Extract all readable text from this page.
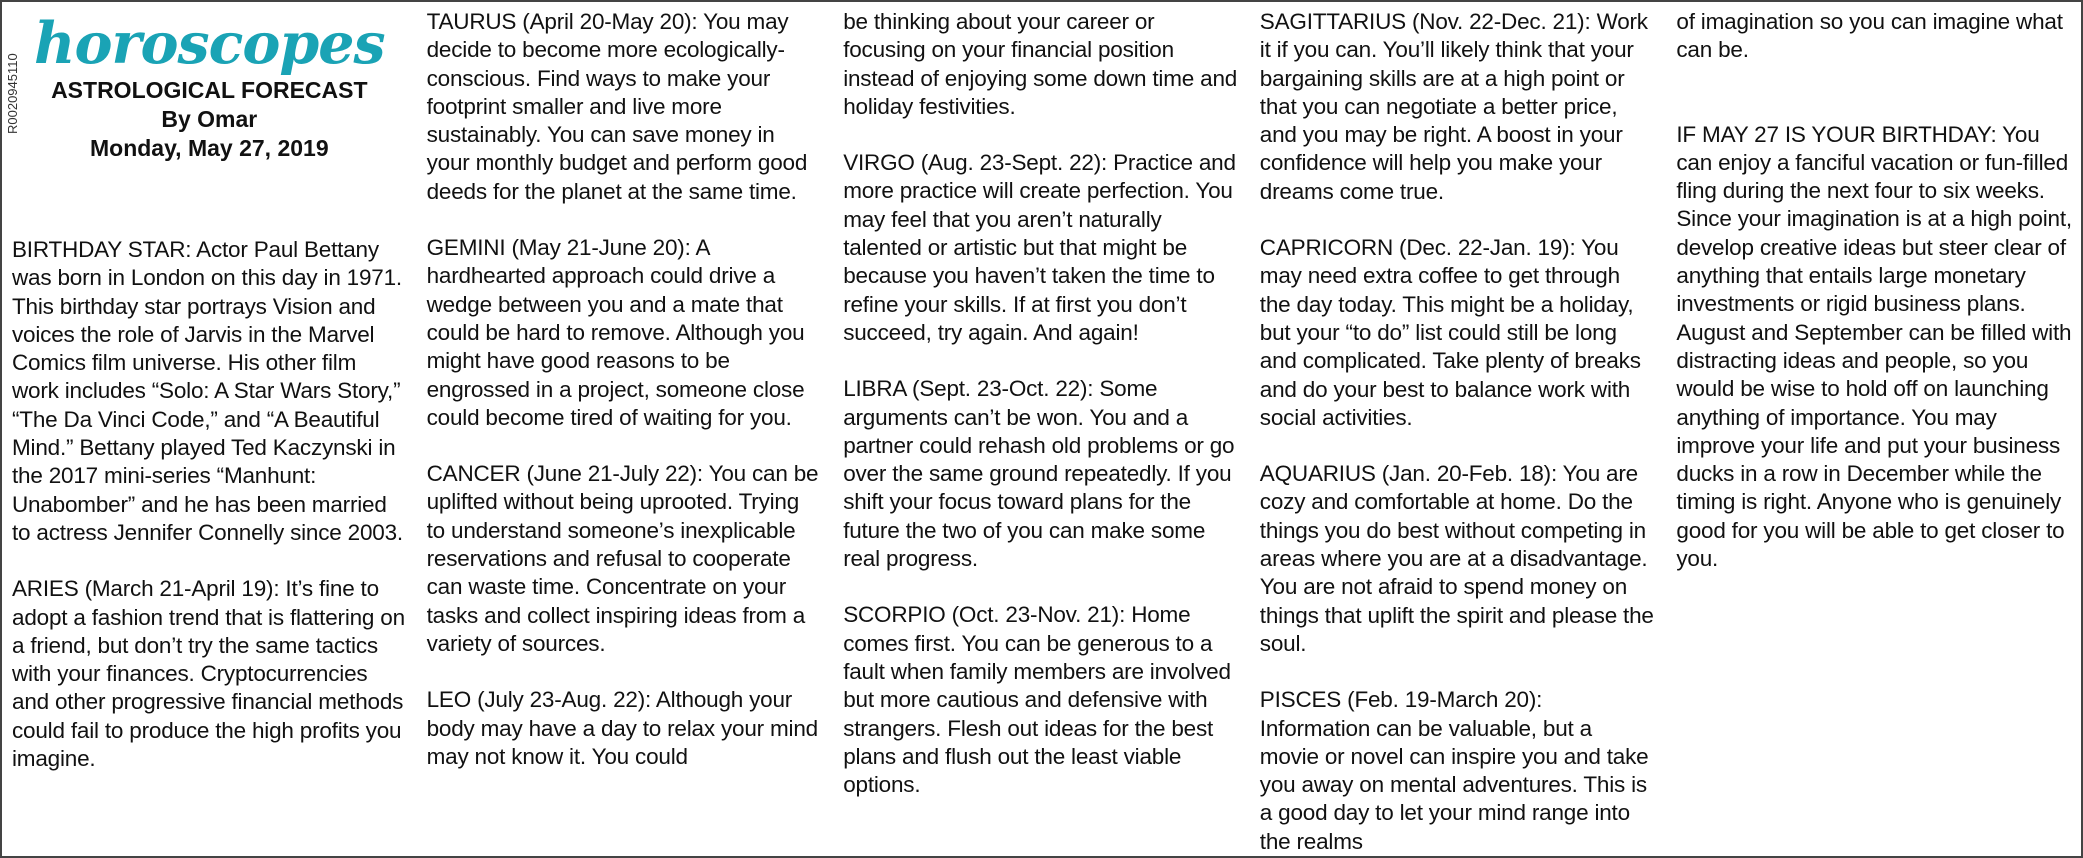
R0020945110
horoscopes
ASTROLOGICAL FORECAST
By Omar
Monday, May 27, 2019

BIRTHDAY STAR: Actor Paul Bettany was born in London on this day in 1971. This birthday star portrays Vision and voices the role of Jarvis in the Marvel Comics film universe. His other film work includes “Solo: A Star Wars Story,” “The Da Vinci Code,” and “A Beautiful Mind.” Bettany played Ted Kaczynski in the 2017 mini-series “Manhunt: Unabomber” and he has been married to actress Jennifer Connelly since 2003.

ARIES (March 21-April 19): It’s fine to adopt a fashion trend that is flattering on a friend, but don’t try the same tactics with your finances. Cryptocurrencies and other progressive financial methods could fail to produce the high profits you imagine.

TAURUS (April 20-May 20): You may decide to become more ecologically-conscious. Find ways to make your footprint smaller and live more sustainably. You can save money in your monthly budget and perform good deeds for the planet at the same time.

GEMINI (May 21-June 20): A hardhearted approach could drive a wedge between you and a mate that could be hard to remove. Although you might have good reasons to be engrossed in a project, someone close could become tired of waiting for you.

CANCER (June 21-July 22): You can be uplifted without being uprooted. Trying to understand someone’s inexplicable reservations and refusal to cooperate can waste time. Concentrate on your tasks and collect inspiring ideas from a variety of sources.

LEO (July 23-Aug. 22): Although your body may have a day to relax your mind may not know it. You could

be thinking about your career or focusing on your financial position instead of enjoying some down time and holiday festivities.

VIRGO (Aug. 23-Sept. 22): Practice and more practice will create perfection. You may feel that you aren’t naturally talented or artistic but that might be because you haven’t taken the time to refine your skills. If at first you don’t succeed, try again. And again!

LIBRA (Sept. 23-Oct. 22): Some arguments can’t be won. You and a partner could rehash old problems or go over the same ground repeatedly. If you shift your focus toward plans for the future the two of you can make some real progress.

SCORPIO (Oct. 23-Nov. 21): Home comes first. You can be generous to a fault when family members are involved but more cautious and defensive with strangers. Flesh out ideas for the best plans and flush out the least viable options.

SAGITTARIUS (Nov. 22-Dec. 21): Work it if you can. You’ll likely think that your bargaining skills are at a high point or that you can negotiate a better price, and you may be right. A boost in your confidence will help you make your dreams come true.

CAPRICORN (Dec. 22-Jan. 19): You may need extra coffee to get through the day today. This might be a holiday, but your “to do” list could still be long and complicated. Take plenty of breaks and do your best to balance work with social activities.

AQUARIUS (Jan. 20-Feb. 18): You are cozy and comfortable at home. Do the things you do best without competing in areas where you are at a disadvantage. You are not afraid to spend money on things that uplift the spirit and please the soul.

PISCES (Feb. 19-March 20): Information can be valuable, but a movie or novel can inspire you and take you away on mental adventures. This is a good day to let your mind range into the realms

of imagination so you can imagine what can be.

IF MAY 27 IS YOUR BIRTHDAY: You can enjoy a fanciful vacation or fun-filled fling during the next four to six weeks. Since your imagination is at a high point, develop creative ideas but steer clear of anything that entails large monetary investments or rigid business plans. August and September can be filled with distracting ideas and people, so you would be wise to hold off on launching anything of importance. You may improve your life and put your business ducks in a row in December while the timing is right. Anyone who is genuinely good for you will be able to get closer to you.
